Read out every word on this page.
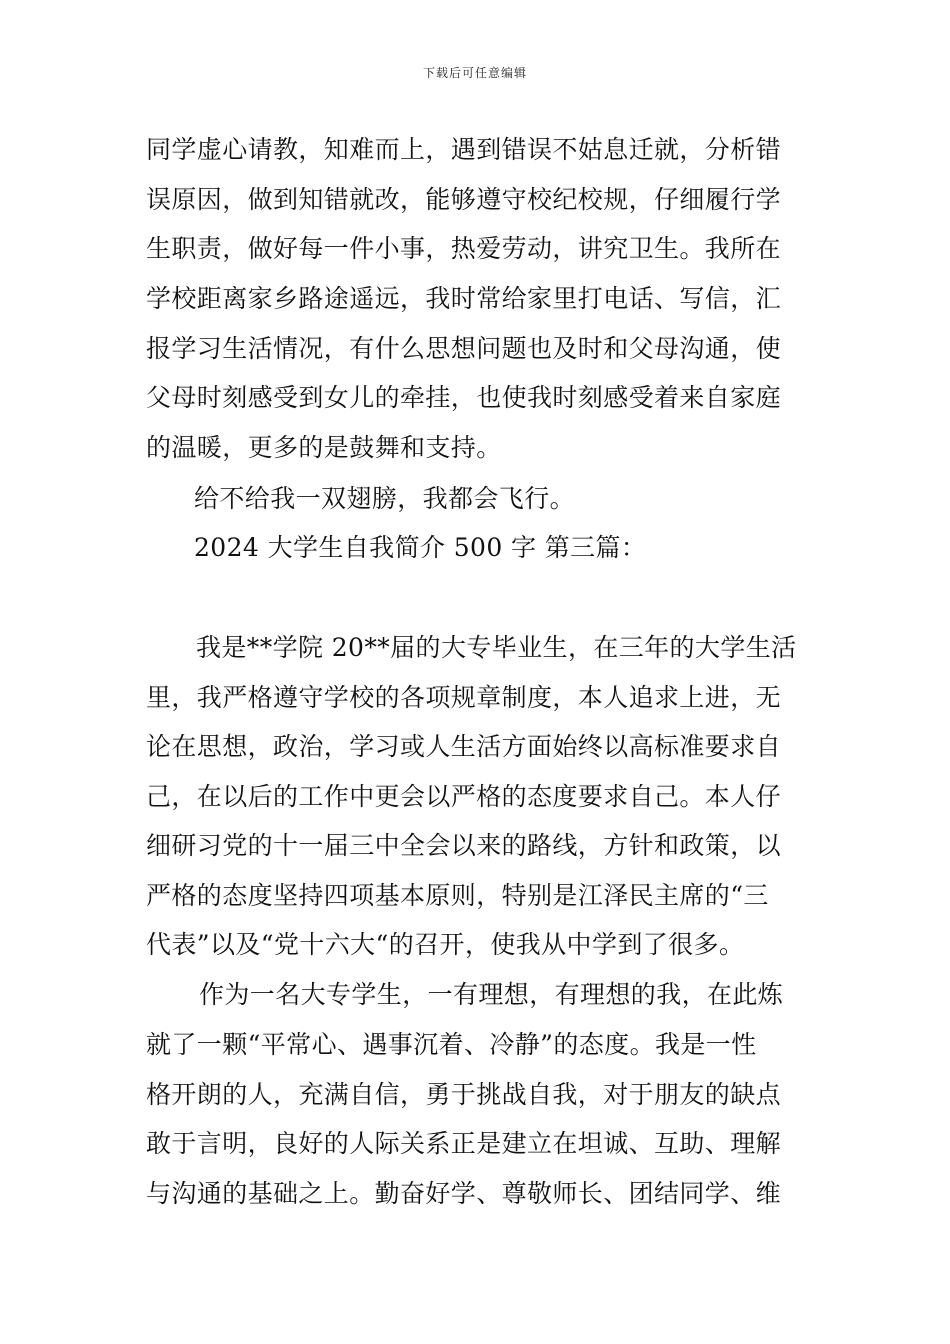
下载后可任意编辑
同学虚心请教，知难而上，遇到错误不姑息迁就，分析错
误原因，做到知错就改，能够遵守校纪校规，仔细履行学
生职责，做好每一件小事，热爱劳动，讲究卫生。我所在
学校距离家乡路途遥远，我时常给家里打电话、写信，汇
报学习生活情况，有什么思想问题也及时和父母沟通，使
父母时刻感受到女儿的牵挂，也使我时刻感受着来自家庭
的温暖，更多的是鼓舞和支持。
给不给我一双翅膀，我都会飞行。
2024 大学生自我简介 500 字 第三篇：
我是**学院 20**届的大专毕业生，在三年的大学生活
里，我严格遵守学校的各项规章制度，本人追求上进，无
论在思想，政治，学习或人生活方面始终以高标准要求自
己，在以后的工作中更会以严格的态度要求自己。本人仔
细研习党的十一届三中全会以来的路线，方针和政策，以
严格的态度坚持四项基本原则，特别是江泽民主席的“三
代表”以及“党十六大“的召开，使我从中学到了很多。
作为一名大专学生，一有理想，有理想的我，在此炼
就了一颗“平常心、遇事沉着、冷静”的态度。我是一性
格开朗的人，充满自信，勇于挑战自我，对于朋友的缺点
敢于言明，良好的人际关系正是建立在坦诚、互助、理解
与沟通的基础之上。勤奋好学、尊敬师长、团结同学、维
